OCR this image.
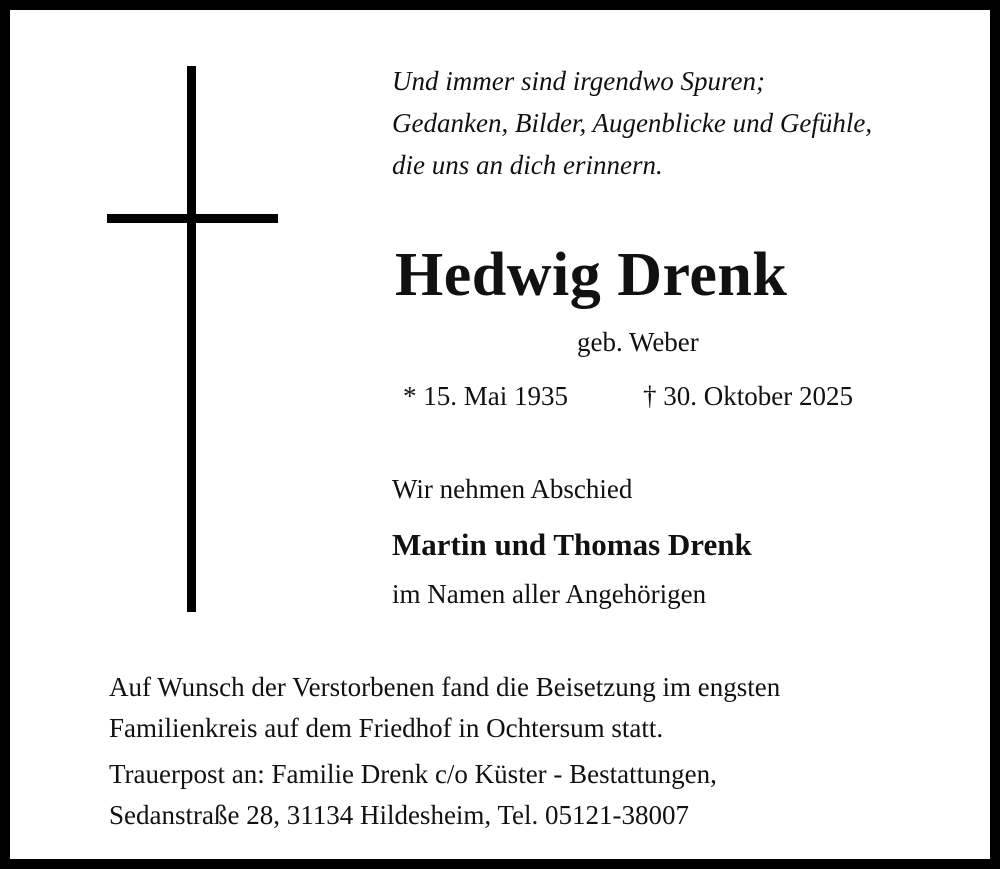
Und immer sind irgendwo Spuren;
Gedanken, Bilder, Augenblicke und Gefühle,
die uns an dich erinnern.
Hedwig Drenk
geb. Weber
* 15. Mai 1935	† 30. Oktober 2025
Wir nehmen Abschied
Martin und Thomas Drenk
im Namen aller Angehörigen
Auf Wunsch der Verstorbenen fand die Beisetzung im engsten
Familienkreis auf dem Friedhof in Ochtersum statt.
Trauerpost an: Familie Drenk c/o Küster - Bestattungen,
Sedanstraße 28, 31134 Hildesheim, Tel. 05121-38007
